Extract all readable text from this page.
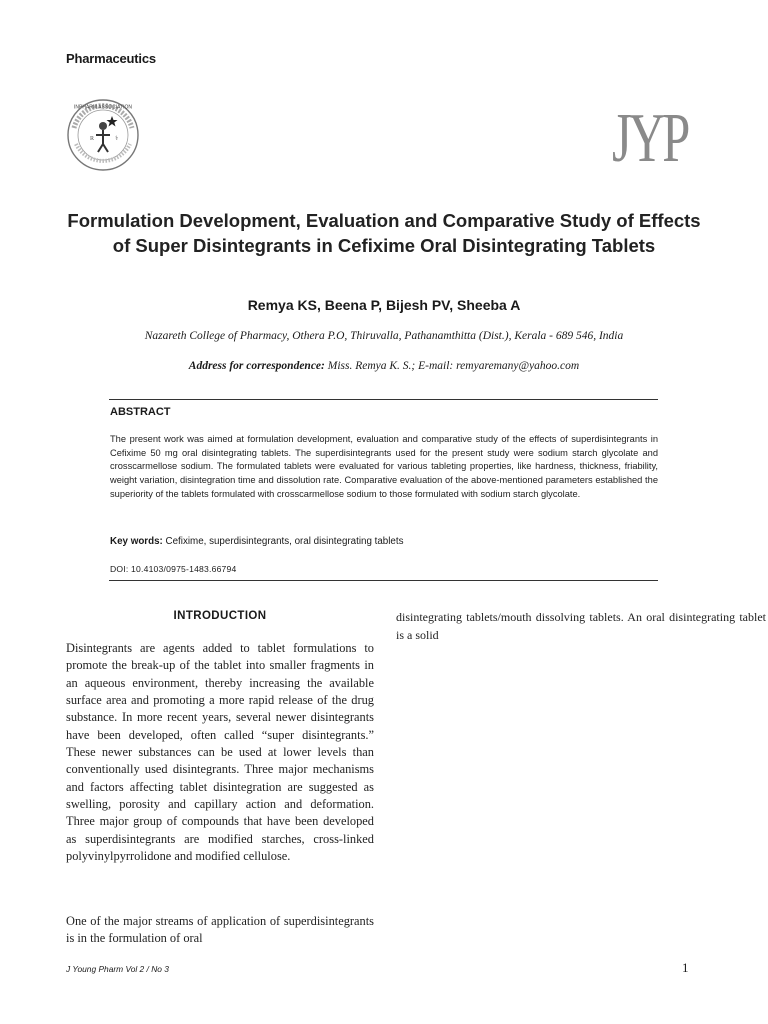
Pharmaceutics
R	⚕
INPHARM ASSOCIATION	JYP
Formulation Development, Evaluation and Comparative Study of Effects of Super Disintegrants in Cefixime Oral Disintegrating Tablets
Remya KS, Beena P, Bijesh PV, Sheeba A
Nazareth College of Pharmacy, Othera P.O, Thiruvalla, Pathanamthitta (Dist.), Kerala - 689 546, India
Address for correspondence: Miss. Remya K. S.; E-mail: remyaremany@yahoo.com
ABSTRACT
The present work was aimed at formulation development, evaluation and comparative study of the effects of superdisintegrants in Cefixime 50 mg oral disintegrating tablets. The superdisintegrants used for the present study were sodium starch glycolate and crosscarmellose sodium. The formulated tablets were evaluated for various tableting properties, like hardness, thickness, friability, weight variation, disintegration time and dissolution rate. Comparative evaluation of the above-mentioned parameters established the superiority of the tablets formulated with crosscarmellose sodium to those formulated with sodium starch glycolate.
Key words: Cefixime, superdisintegrants, oral disintegrating tablets
DOI: 10.4103/0975-1483.66794
INTRODUCTION
Disintegrants are agents added to tablet formulations to promote the break-up of the tablet into smaller fragments in an aqueous environment, thereby increasing the available surface area and promoting a more rapid release of the drug substance. In more recent years, several newer disintegrants have been developed, often called “super disintegrants.” These newer substances can be used at lower levels than conventionally used disintegrants. Three major mechanisms and factors affecting tablet disintegration are suggested as swelling, porosity and capillary action and deformation. Three major group of compounds that have been developed as superdisintegrants are modified starches, cross-linked polyvinylpyrrolidone and modified cellulose.
One of the major streams of application of superdisintegrants is in the formulation of oral
disintegrating tablets/mouth dissolving tablets. An oral disintegrating tablet is a solid
J Young Pharm Vol 2 / No 3	1
